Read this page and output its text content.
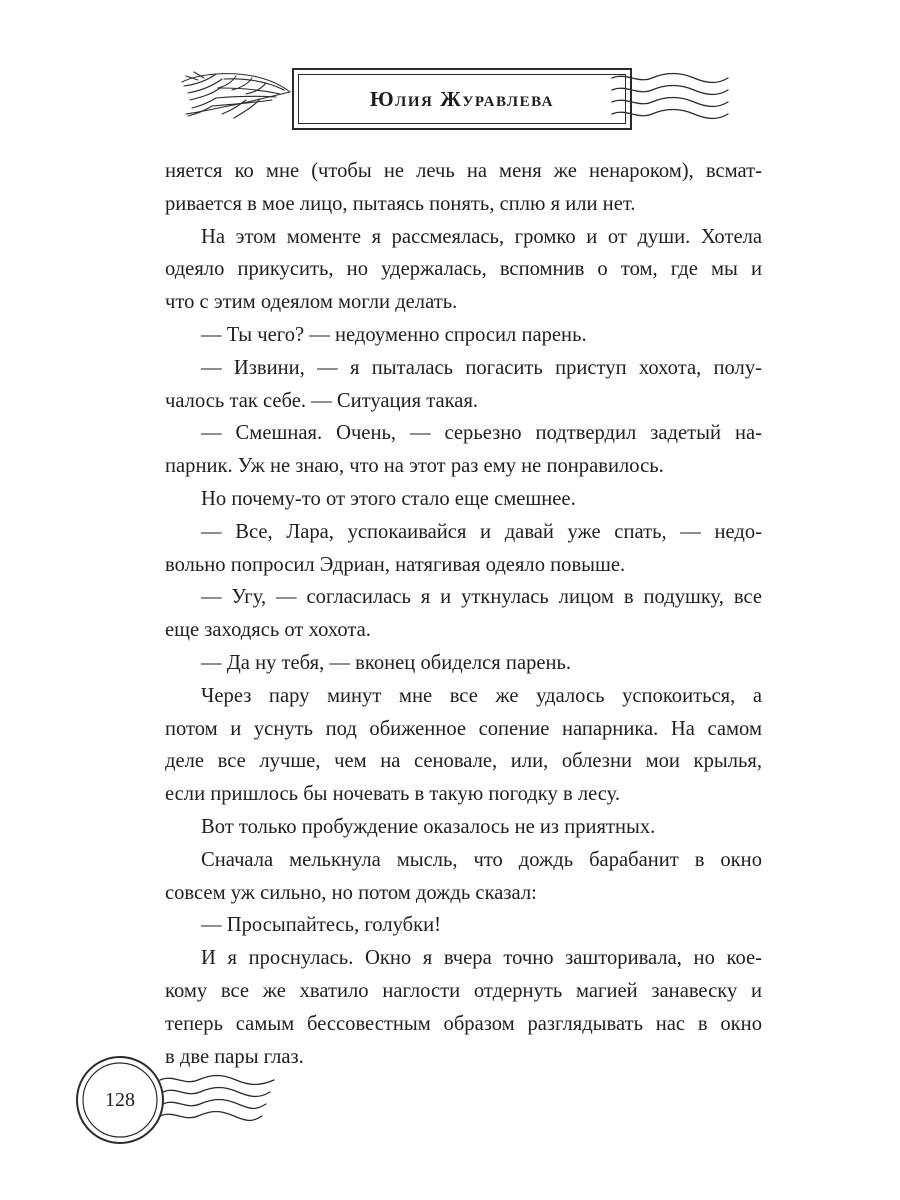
Юлия Журавлева

няется ко мне (чтобы не лечь на меня же ненароком), всмат-
ривается в мое лицо, пытаясь понять, сплю я или нет.

На этом моменте я рассмеялась, громко и от души. Хотела
одеяло прикусить, но удержалась, вспомнив о том, где мы и
что с этим одеялом могли делать.

— Ты чего? — недоуменно спросил парень.

— Извини, — я пыталась погасить приступ хохота, полу-
чалось так себе. — Ситуация такая.

— Смешная. Очень, — серьезно подтвердил задетый на-
парник. Уж не знаю, что на этот раз ему не понравилось.

Но почему-то от этого стало еще смешнее.

— Все, Лара, успокаивайся и давай уже спать, — недо-
вольно попросил Эдриан, натягивая одеяло повыше.

— Угу, — согласилась я и уткнулась лицом в подушку, все
еще заходясь от хохота.

— Да ну тебя, — вконец обиделся парень.

Через пару минут мне все же удалось успокоиться, а
потом и уснуть под обиженное сопение напарника. На самом
деле все лучше, чем на сеновале, или, облезни мои крылья,
если пришлось бы ночевать в такую погодку в лесу.

Вот только пробуждение оказалось не из приятных.

Сначала мелькнула мысль, что дождь барабанит в окно
совсем уж сильно, но потом дождь сказал:

— Просыпайтесь, голубки!

И я проснулась. Окно я вчера точно зашторивала, но кое-
кому все же хватило наглости отдернуть магией занавеску и
теперь самым бессовестным образом разглядывать нас в окно
в две пары глаз.

128
